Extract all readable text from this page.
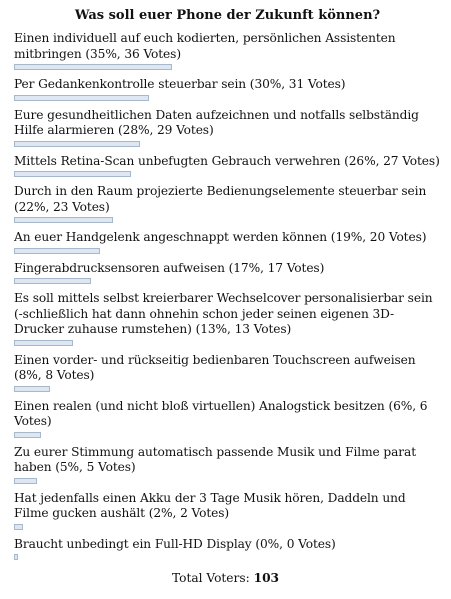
Was soll euer Phone der Zukunft können?
Einen individuell auf euch kodierten, persönlichen Assistenten mitbringen (35%, 36 Votes)
Per Gedankenkontrolle steuerbar sein (30%, 31 Votes)
Eure gesundheitlichen Daten aufzeichnen und notfalls selbständig Hilfe alarmieren (28%, 29 Votes)
Mittels Retina-Scan unbefugten Gebrauch verwehren (26%, 27 Votes)
Durch in den Raum projezierte Bedienungselemente steuerbar sein (22%, 23 Votes)
An euer Handgelenk angeschnappt werden können (19%, 20 Votes)
Fingerabdrucksensoren aufweisen (17%, 17 Votes)
Es soll mittels selbst kreierbarer Wechselcover personalisierbar sein (-schließlich hat dann ohnehin schon jeder seinen eigenen 3D-Drucker zuhause rumstehen) (13%, 13 Votes)
Einen vorder- und rückseitig bedienbaren Touchscreen aufweisen (8%, 8 Votes)
Einen realen (und nicht bloß virtuellen) Analogstick besitzen (6%, 6 Votes)
Zu eurer Stimmung automatisch passende Musik und Filme parat haben (5%, 5 Votes)
Hat jedenfalls einen Akku der 3 Tage Musik hören, Daddeln und Filme gucken aushält (2%, 2 Votes)
Braucht unbedingt ein Full-HD Display (0%, 0 Votes)
Total Voters: 103
